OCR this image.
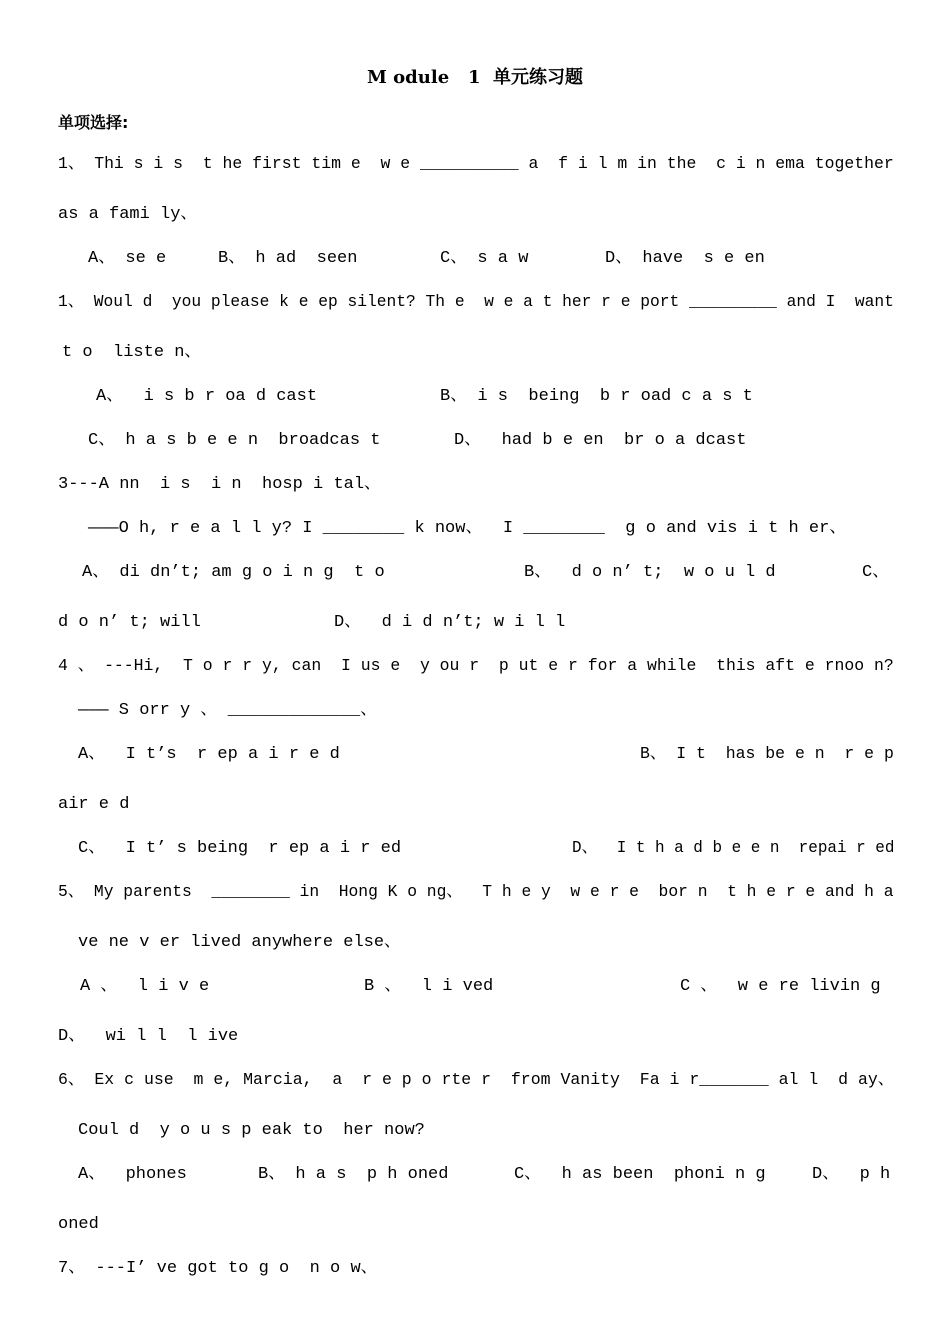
M odule   1  单元练习题
单项选择:

1、 Thi s i s  t he first tim e  w e __________ a  f i l m in the  c i n ema together

as a fami ly、

A、 se e

	B、 h ad  seen

	C、 s a w

	D、 have  s e en

1、 Woul d  you please k e ep silent? Th e  w e a t her r e port _________ and I  want

t o  liste n、

A、  i s b r oa d cast

	B、 i s  being  b r oad c a s t

C、 h a s b e e n  broadcas t

	D、  had b e en  br o a dcast

3---A nn  i s  i n  hosp i tal、

———O h, r e a l l y? I ________ k now、  I ________  g o and vis i t h er、

A、 di dn’t; am g o i n g  t o

	B、  d o n’ t;  w o u l d

	C、

d o n’ t; will

	D、  d i d n’t; w i l l

4 、 ---Hi,  T o r r y, can  I us e  y ou r  p ut e r for a while  this aft e rnoo n?

——— S orr y 、 _____________、

A、  I t’s  r ep a i r e d

	B、 I t  has be e n  r e p

air e d

C、  I t’ s being  r ep a i r ed

	D、  I t h a d b e e n  repai r ed

5、 My parents  ________ in  Hong K o ng、  T h e y  w e r e  bor n  t h e r e and h a

ve ne v er lived anywhere else、

A 、  l i v e

	B 、  l i ved

	C 、  w e re livin g

D、  wi l l  l ive

6、 Ex c use  m e, Marcia,  a  r e p o rte r  from Vanity  Fa i r_______ al l  d ay、

Coul d  y o u s p eak to  her now?

A、  phones

	B、 h a s  p h oned

	C、  h as been  phoni n g

	D、  p h

oned

7、 ---I’ ve got to g o  n o w、
